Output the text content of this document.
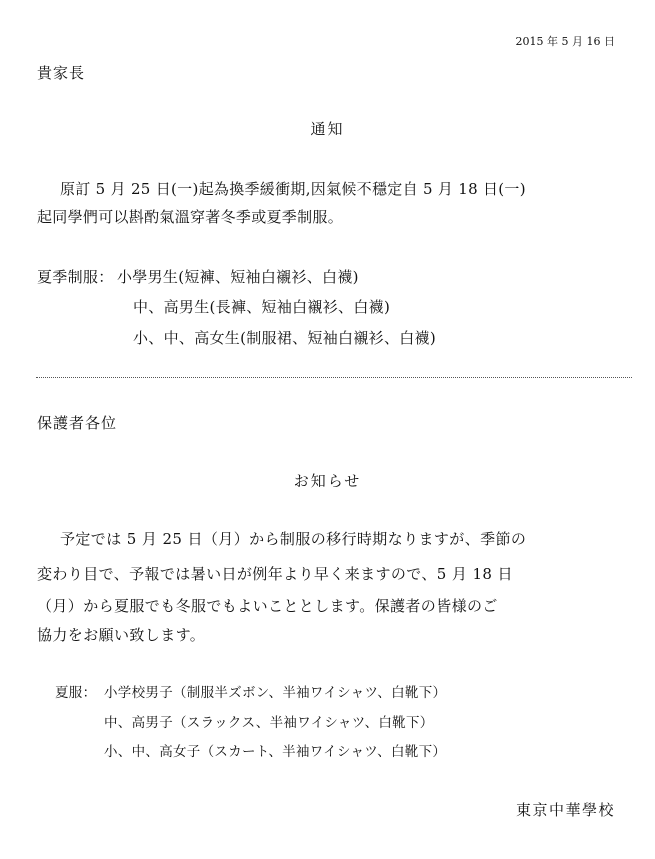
2015 年 5 月 16 日
貴家長
通知
原訂 5 月 25 日(一)起為換季緩衝期,因氣候不穩定自 5 月 18 日(一)
起同學們可以斟酌氣溫穿著冬季或夏季制服。
夏季制服： 小學男生(短褲、短袖白襯衫、白襪)
中、高男生(長褲、短袖白襯衫、白襪)
小、中、高女生(制服裙、短袖白襯衫、白襪)
保護者各位
お知らせ
予定では 5 月 25 日（月）から制服の移行時期なりますが、季節の
変わり目で、予報では暑い日が例年より早く来ますので、5 月 18 日
（月）から夏服でも冬服でもよいこととします。保護者の皆様のご
協力をお願い致します。
夏服： 小学校男子（制服半ズボン、半袖ワイシャツ、白靴下）
中、高男子（スラックス、半袖ワイシャツ、白靴下）
小、中、高女子（スカート、半袖ワイシャツ、白靴下）
東京中華學校
